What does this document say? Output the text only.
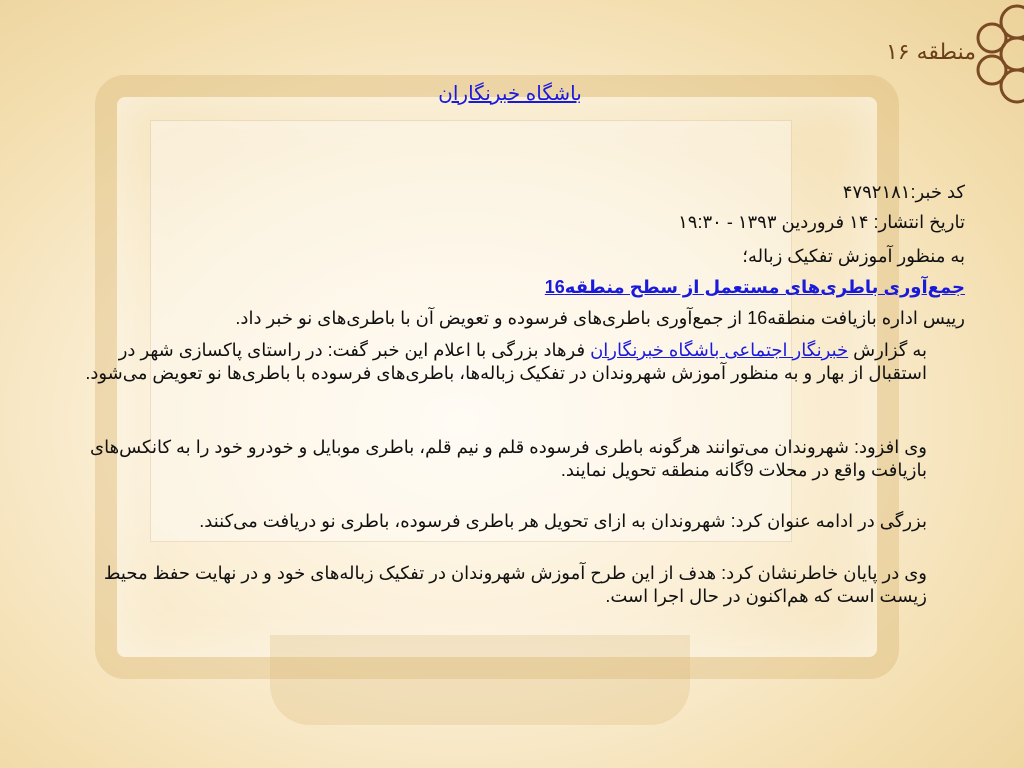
منطقه ۱۶
باشگاه خبرنگاران
کد خبر:۴۷۹۲۱۸۱
تاریخ انتشار: ۱۴ فروردین ۱۳۹۳ - ۱۹:۳۰
به منظور آموزش تفکیک زباله؛
جمع‌آوری باطری‌های مستعمل از سطح منطقه16
رییس اداره بازیافت منطقه16 از جمع‌آوری باطری‌های فرسوده و تعویض آن با باطری‌های نو خبر داد.
به گزارش خبرنگار اجتماعی باشگاه خبرنگاران فرهاد بزرگی با اعلام این خبر گفت: در راستای پاکسازی شهر در استقبال از بهار و به منظور آموزش شهروندان در تفکیک زباله‌ها، باطری‌های فرسوده با باطری‌ها نو تعویض می‌شود.
وی افزود: شهروندان می‌توانند هرگونه باطری فرسوده قلم و نیم قلم، باطری موبایل و خودرو خود را به کانکس‌های بازیافت واقع در محلات 9گانه منطقه تحویل نمایند.
بزرگی در ادامه عنوان کرد: شهروندان به ازای تحویل هر باطری فرسوده، باطری نو دریافت می‌کنند.
وی در پایان خاطرنشان کرد: هدف از این طرح آموزش شهروندان در تفکیک زباله‌های خود و در نهایت حفظ محیط زیست است که هم‌اکنون در حال اجرا است.
